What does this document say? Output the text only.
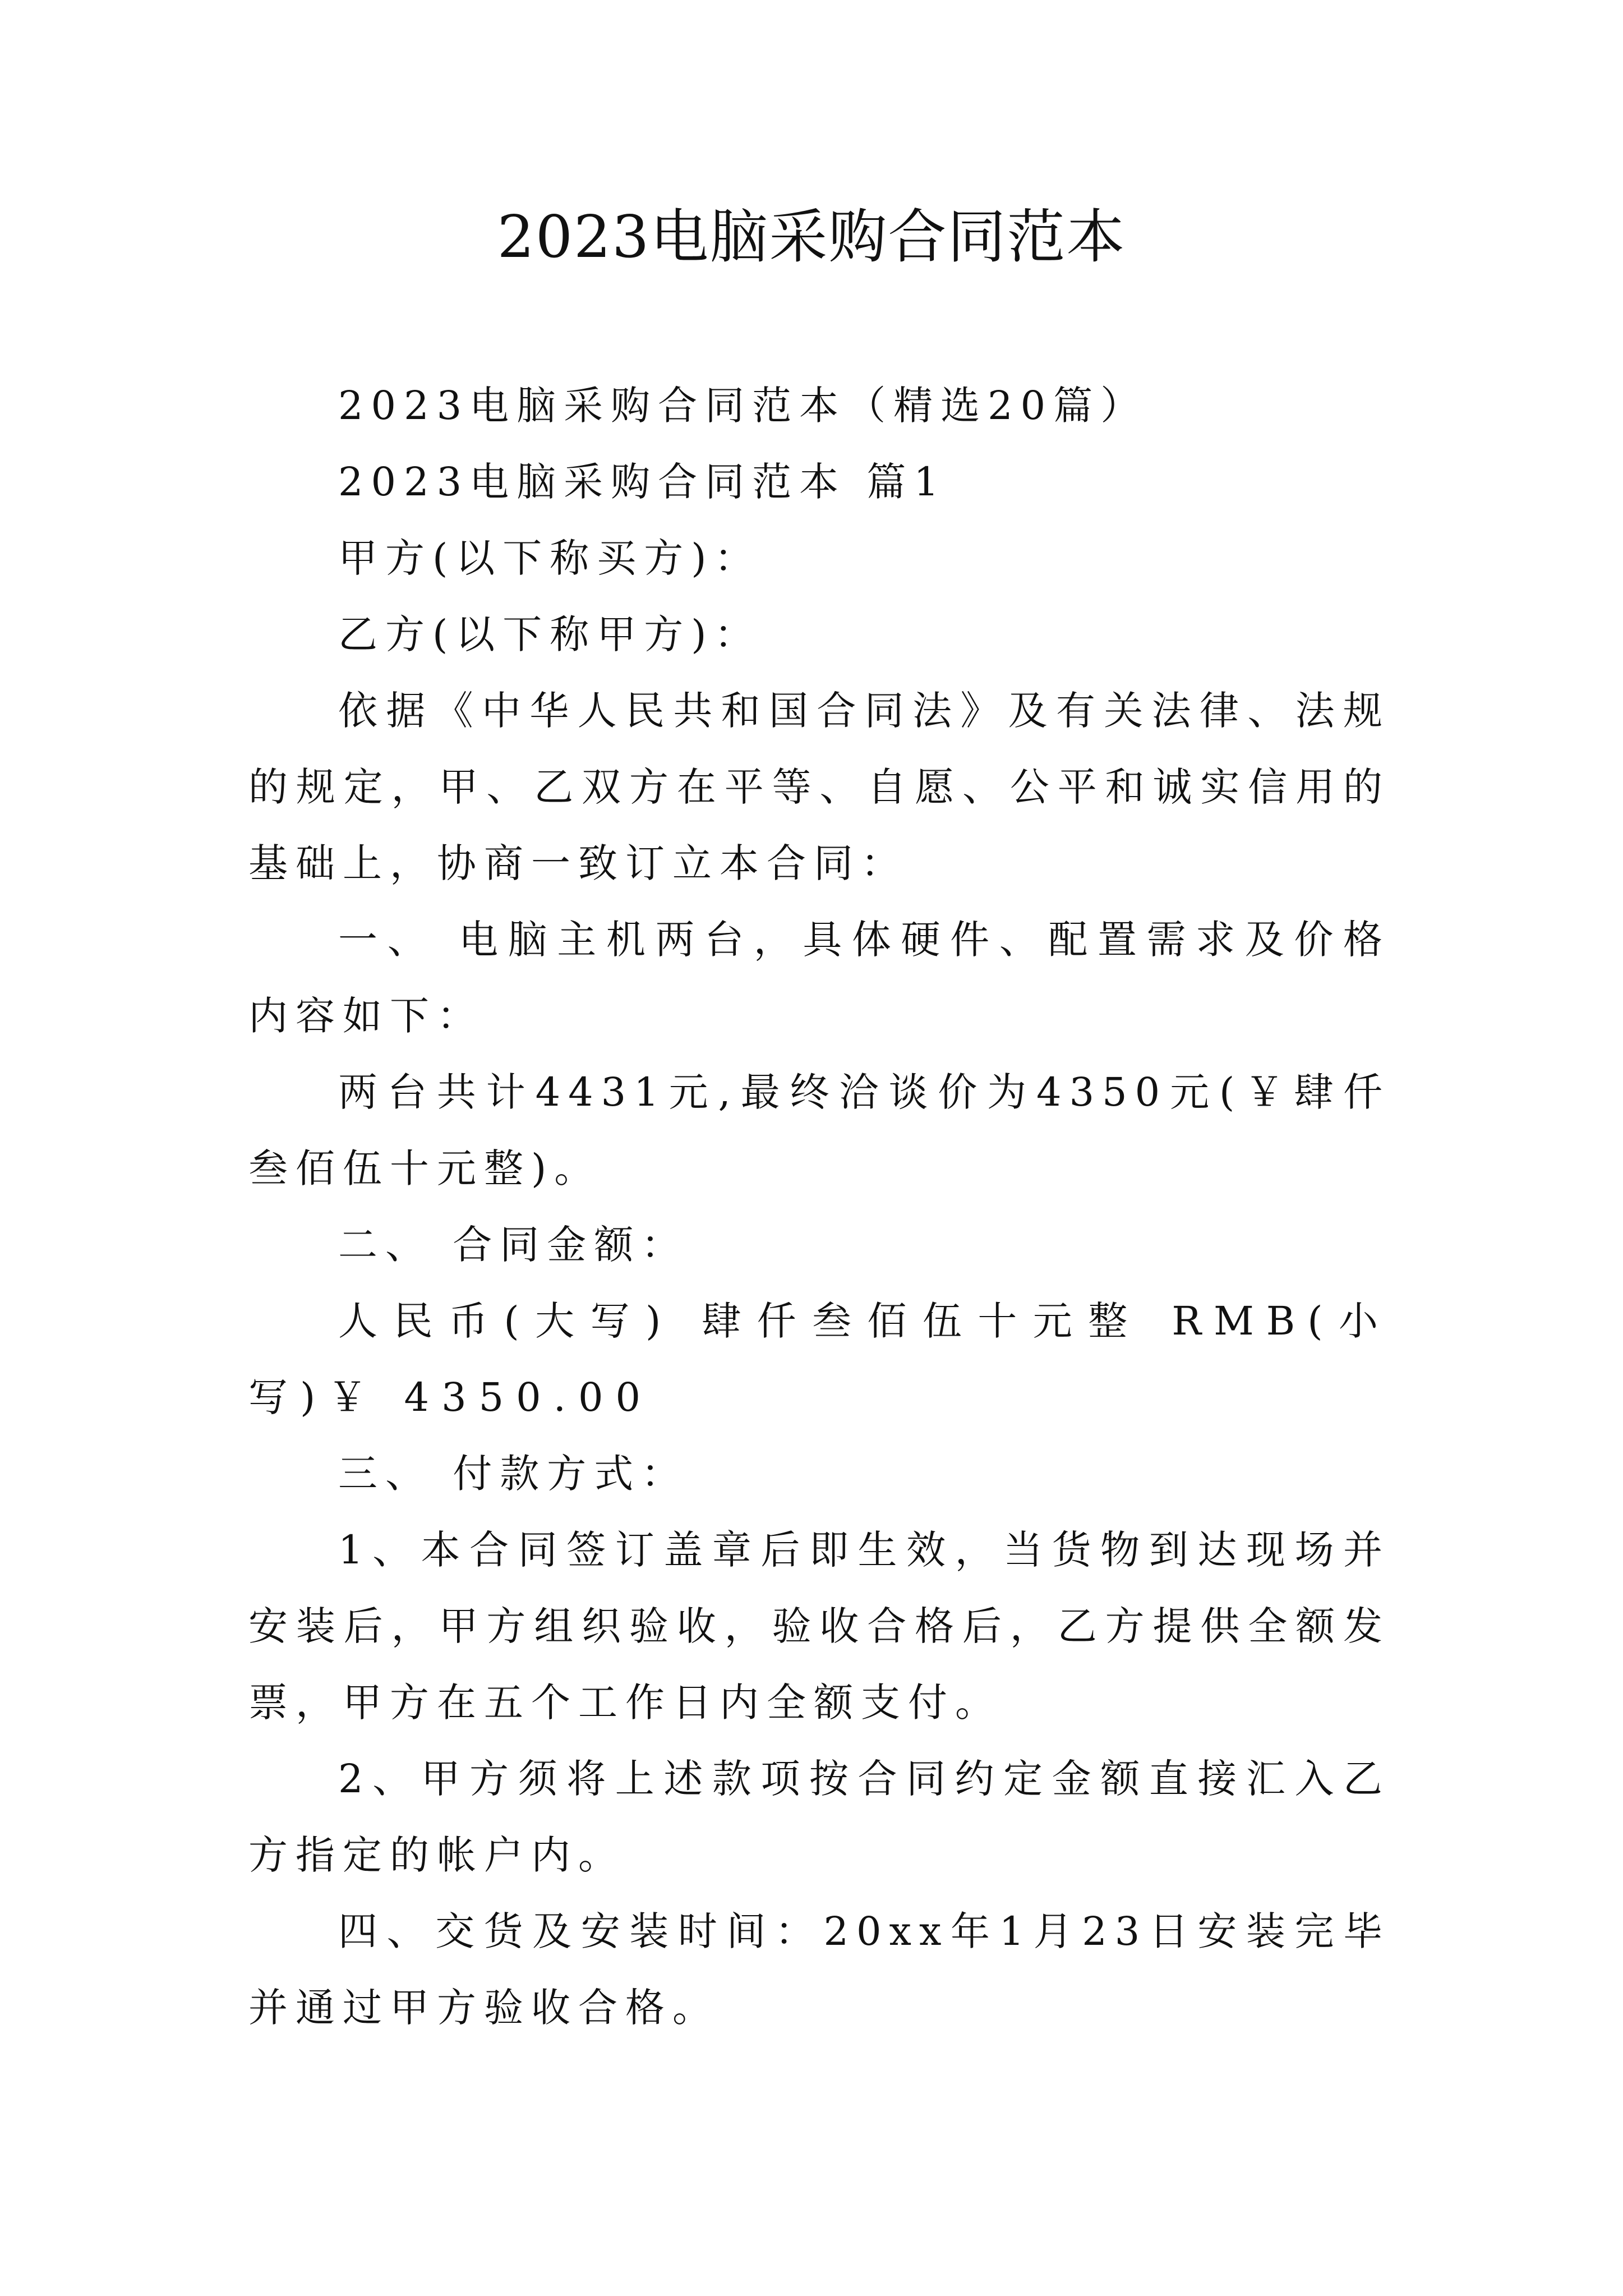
2023电脑采购合同范本

2023电脑采购合同范本（精选20篇）

2023电脑采购合同范本 篇1

甲方(以下称买方)：

乙方(以下称甲方)：

依据《中华人民共和国合同法》及有关法律、法规的规定，甲、乙双方在平等、自愿、公平和诚实信用的基础上，协商一致订立本合同：

一、 电脑主机两台，具体硬件、配置需求及价格内容如下：

两台共计4431元,最终洽谈价为4350元(￥肆仟叁佰伍十元整)。

二、 合同金额：

人民币(大写) 肆仟叁佰伍十元整 RMB(小写)￥ 4350.00

三、 付款方式：

1、本合同签订盖章后即生效，当货物到达现场并安装后，甲方组织验收，验收合格后，乙方提供全额发票，甲方在五个工作日内全额支付。

2、甲方须将上述款项按合同约定金额直接汇入乙方指定的帐户内。

四、交货及安装时间：20xx年1月23日安装完毕并通过甲方验收合格。
